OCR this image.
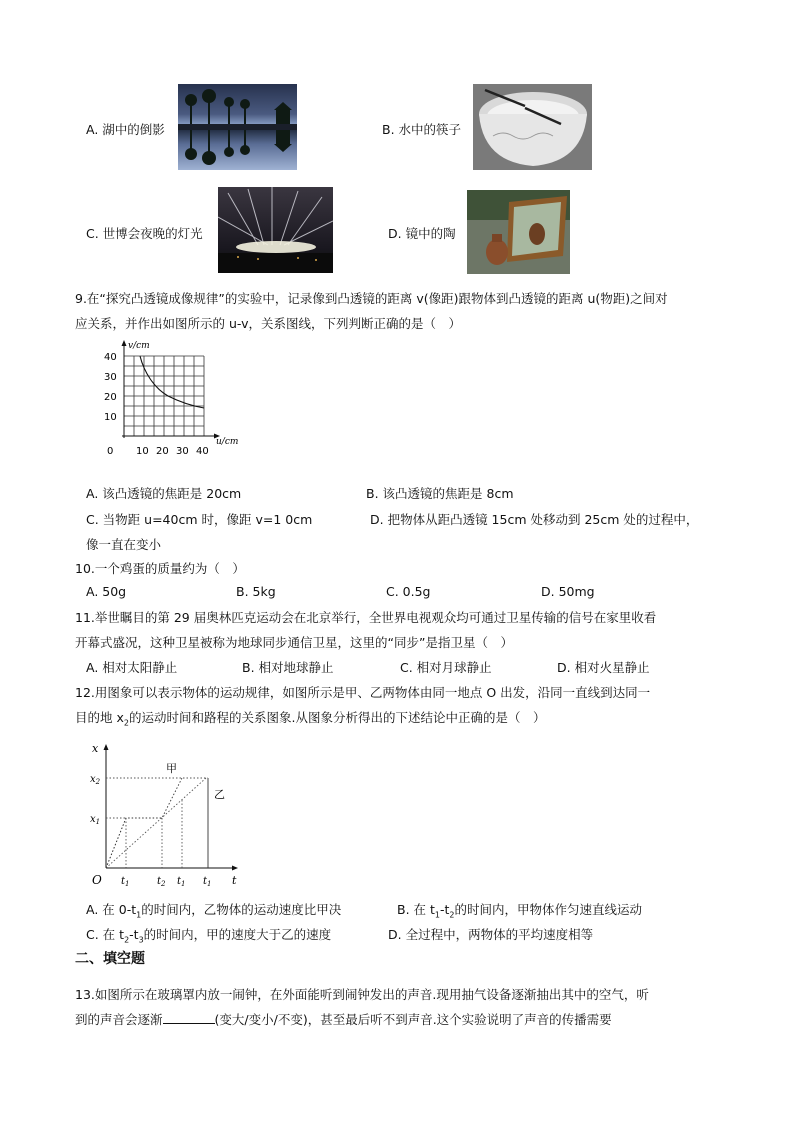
A. 湖中的倒影	B. 水中的筷子
C. 世博会夜晚的灯光	D. 镜中的陶
9.在“探究凸透镜成像规律”的实验中，记录像到凸透镜的距离 v(像距)跟物体到凸透镜的距离 u(物距)之间对
应关系，并作出如图所示的 u-v，关系图线，下列判断正确的是（　）
v/cm
u/cm
40
30
20
10
0 10 20 30 40
A. 该凸透镜的焦距是 20cm	B. 该凸透镜的焦距是 8cm
C. 当物距 u=40cm 时，像距 v=1 0cm	D. 把物体从距凸透镜 15cm 处移动到 25cm 处的过程中，
像一直在变小
10.一个鸡蛋的质量约为（　）
A. 50g	B. 5kg	C. 0.5g	D. 50mg
11.举世瞩目的第 29 届奥林匹克运动会在北京举行，全世界电视观众均可通过卫星传输的信号在家里收看
开幕式盛况，这种卫星被称为地球同步通信卫星，这里的“同步”是指卫星（　）
A. 相对太阳静止	B. 相对地球静止	C. 相对月球静止	D. 相对火星静止
12.用图象可以表示物体的运动规律，如图所示是甲、乙两物体由同一地点 O 出发，沿同一直线到达同一
目的地 $x_2$的运动时间和路程的关系图象.从图象分析得出的下述结论中正确的是（　）
x
$x_2$
$x_1$
甲
乙
O	t
$t_1$	$t_2$ $t_1$ $t_1$
A. 在 $0-t_1$的时间内，乙物体的运动速度比甲决	B. 在 $t_1-t_2$的时间内，甲物体作匀速直线运动
C. 在 $t_2-t_3$的时间内，甲的速度大于乙的速度	D. 全过程中，两物体的平均速度相等
二、填空题
13.如图所示在玻璃罩内放一闹钟，在外面能听到闹钟发出的声音.现用抽气设备逐渐抽出其中的空气，听
到的声音会逐渐	(变大/变小/不变)，甚至最后听不到声音.这个实验说明了声音的传播需要
